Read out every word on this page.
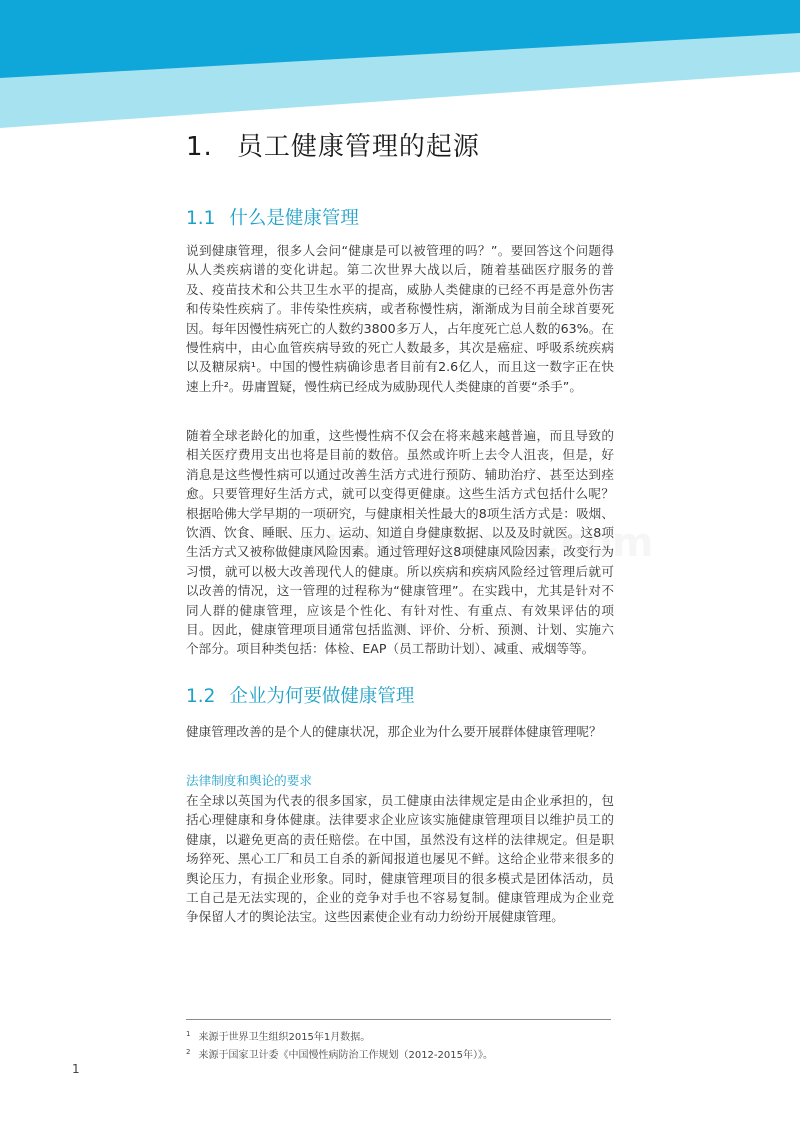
1. 员工健康管理的起源
1.1 什么是健康管理

说到健康管理，很多人会问“健康是可以被管理的吗？”。要回答这个问题得从人类疾病谱的变化讲起。第二次世界大战以后，随着基础医疗服务的普及、疫苗技术和公共卫生水平的提高，威胁人类健康的已经不再是意外伤害和传染性疾病了。非传染性疾病，或者称慢性病，渐渐成为目前全球首要死因。每年因慢性病死亡的人数约3800多万人，占年度死亡总人数的63%。在慢性病中，由心血管疾病导致的死亡人数最多，其次是癌症、呼吸系统疾病以及糖尿病¹。中国的慢性病确诊患者目前有2.6亿人，而且这一数字正在快速上升²。毋庸置疑，慢性病已经成为威胁现代人类健康的首要“杀手”。

随着全球老龄化的加重，这些慢性病不仅会在将来越来越普遍，而且导致的相关医疗费用支出也将是目前的数倍。虽然或许听上去令人沮丧，但是，好消息是这些慢性病可以通过改善生活方式进行预防、辅助治疗、甚至达到痊愈。只要管理好生活方式，就可以变得更健康。这些生活方式包括什么呢？ 根据哈佛大学早期的一项研究，与健康相关性最大的8项生活方式是：吸烟、饮酒、饮食、睡眠、压力、运动、知道自身健康数据、以及及时就医。这8项生活方式又被称做健康风险因素。通过管理好这8项健康风险因素，改变行为习惯，就可以极大改善现代人的健康。所以疾病和疾病风险经过管理后就可以改善的情况，这一管理的过程称为“健康管理”。在实践中，尤其是针对不同人群的健康管理，应该是个性化、有针对性、有重点、有效果评估的项目。因此，健康管理项目通常包括监测、评价、分析、预测、计划、实施六个部分。项目种类包括：体检、EAP（员工帮助计划）、减重、戒烟等等。

1.2 企业为何要做健康管理

健康管理改善的是个人的健康状况，那企业为什么要开展群体健康管理呢？

法律制度和舆论的要求

在全球以英国为代表的很多国家，员工健康由法律规定是由企业承担的，包括心理健康和身体健康。法律要求企业应该实施健康管理项目以维护员工的健康，以避免更高的责任赔偿。在中国，虽然没有这样的法律规定。但是职场猝死、黑心工厂和员工自杀的新闻报道也屡见不鲜。这给企业带来很多的舆论压力，有损企业形象。同时，健康管理项目的很多模式是团体活动，员工自己是无法实现的，企业的竞争对手也不容易复制。健康管理成为企业竞争保留人才的舆论法宝。这些因素使企业有动力纷纷开展健康管理。

$^1$ 来源于世界卫生组织2015年1月数据。

$^2$ 来源于国家卫计委《中国慢性病防治工作规划（2012-2015年）》。

1
